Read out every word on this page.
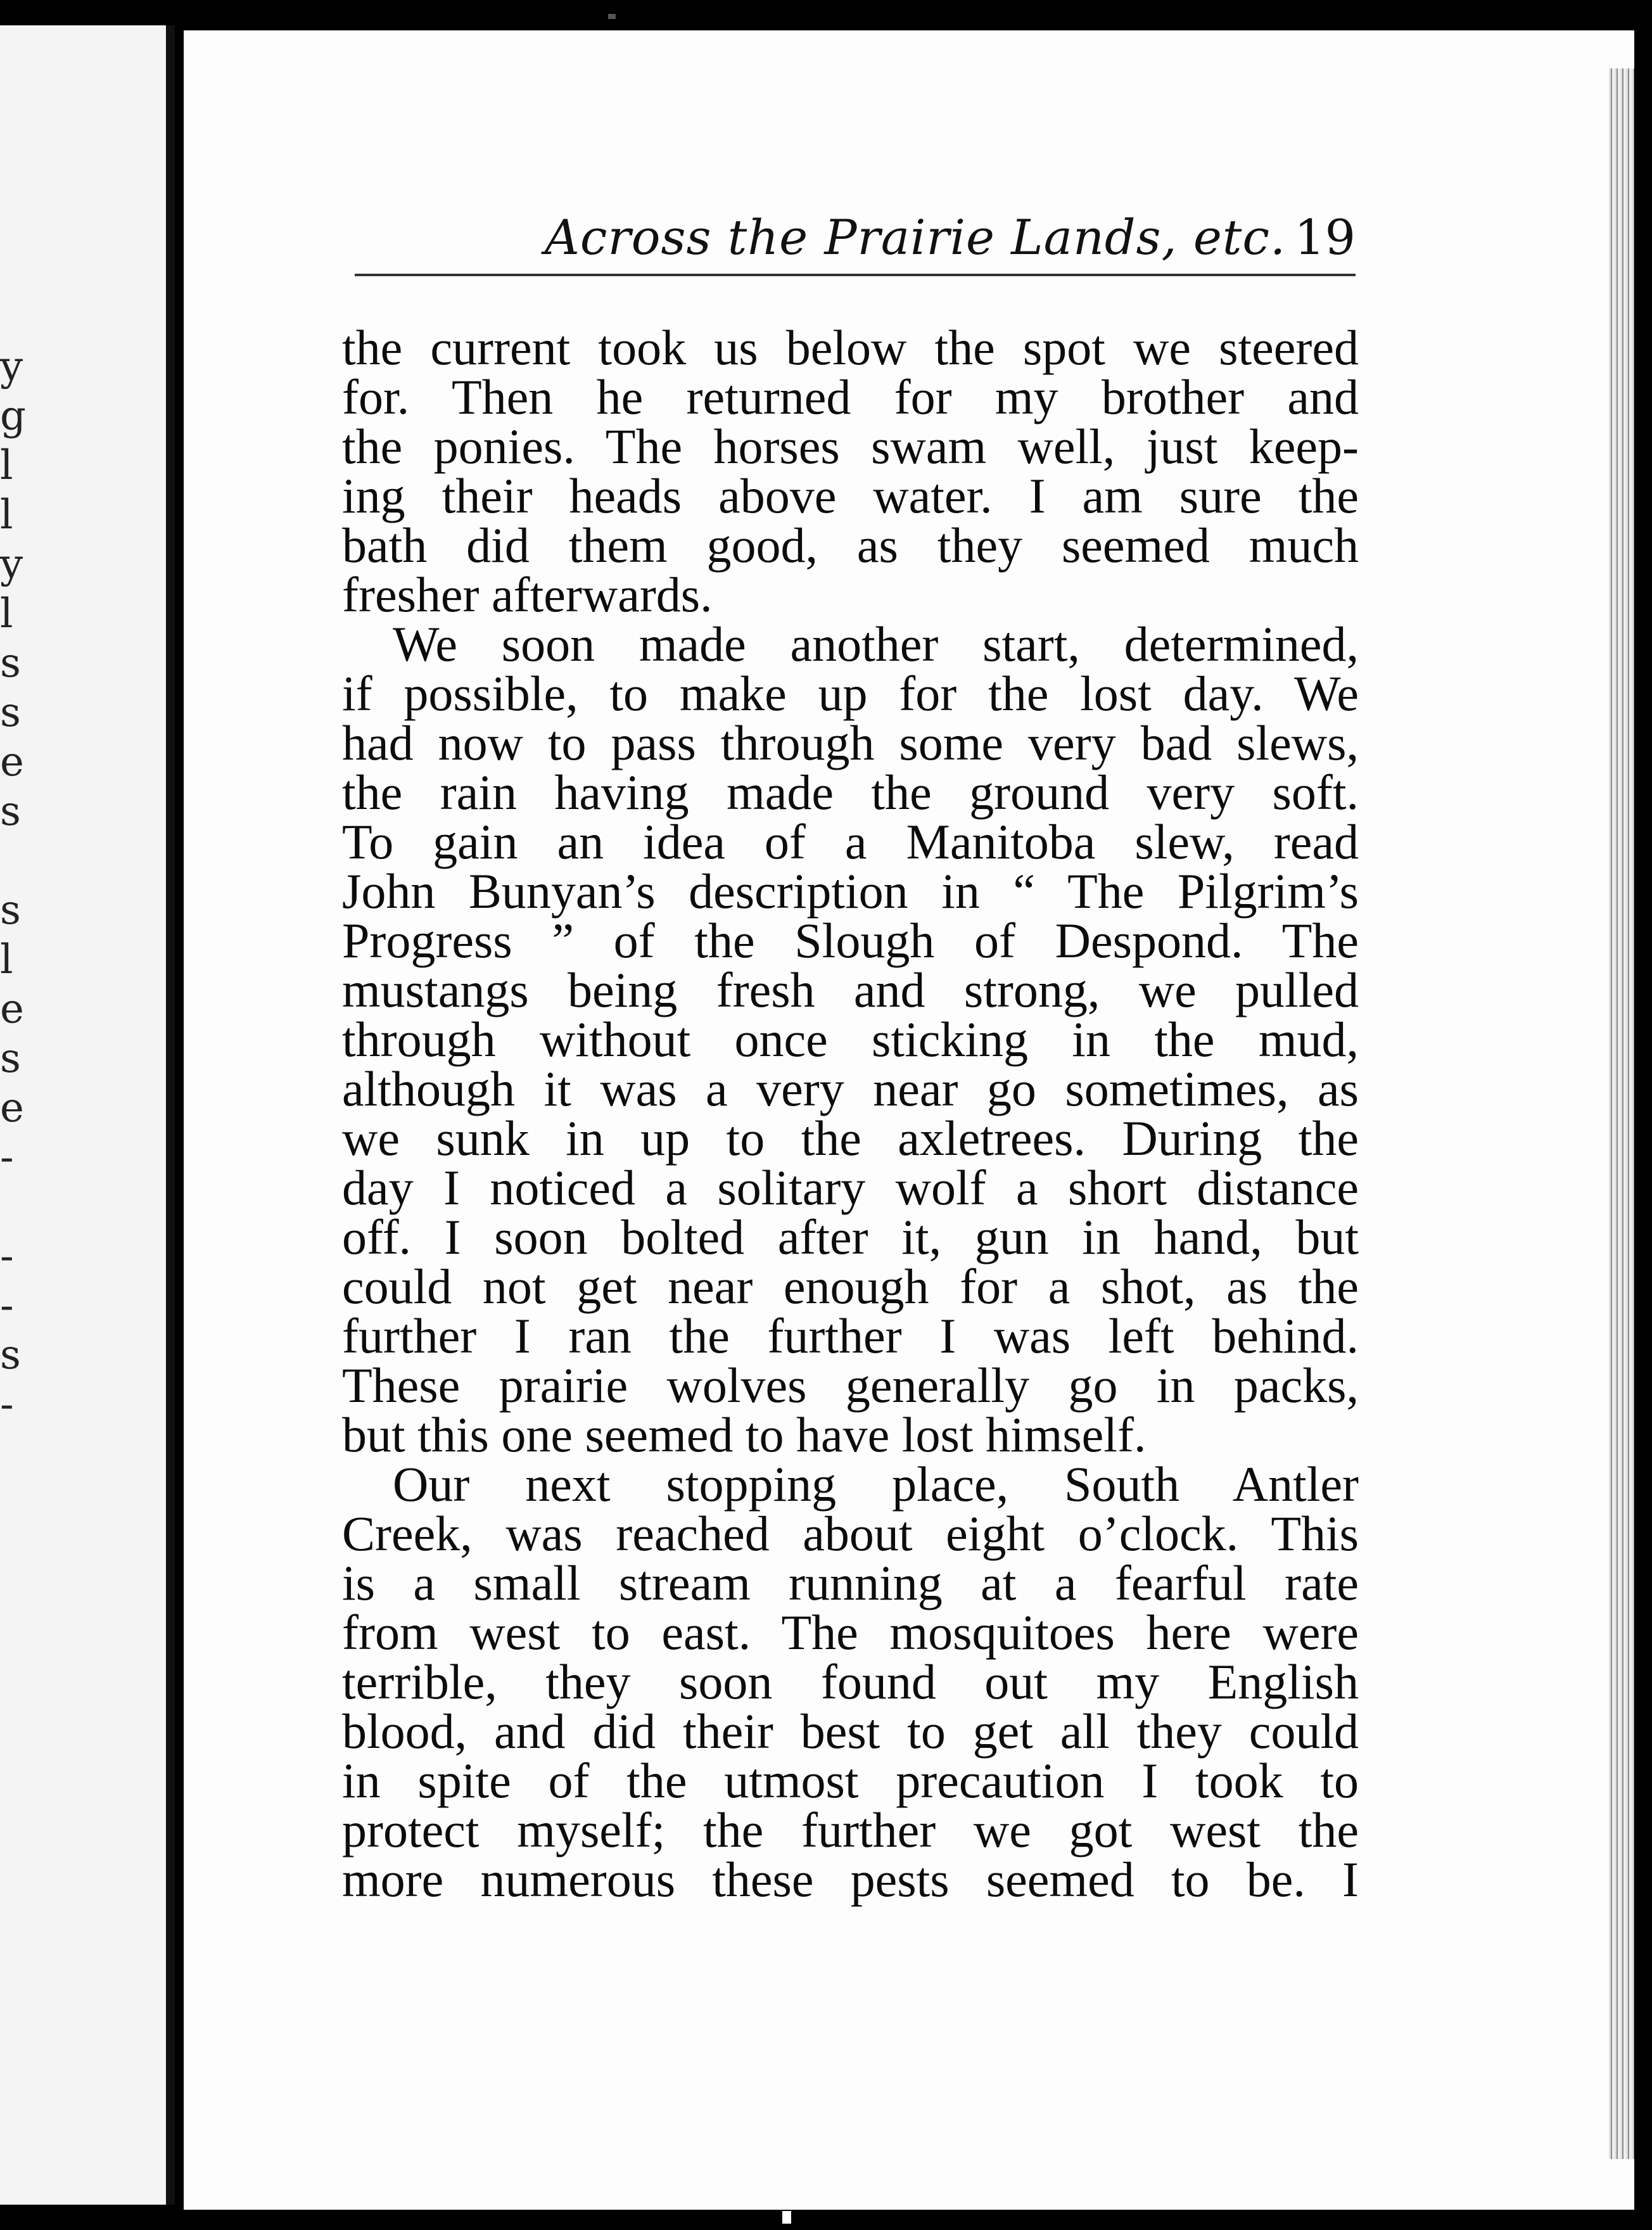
y
g
l
l
y
l
s
s
e
s

s
l
e
s
e
-

-
-
s
-
Across the Prairie Lands, etc. 19
the current took us below the spot we steered
for. Then he returned for my brother and
the ponies. The horses swam well, just keep-
ing their heads above water. I am sure the
bath did them good, as they seemed much
fresher afterwards.
We soon made another start, determined,
if possible, to make up for the lost day. We
had now to pass through some very bad slews,
the rain having made the ground very soft.
To gain an idea of a Manitoba slew, read
John Bunyan’s description in “ The Pilgrim’s
Progress ” of the Slough of Despond. The
mustangs being fresh and strong, we pulled
through without once sticking in the mud,
although it was a very near go sometimes, as
we sunk in up to the axletrees. During the
day I noticed a solitary wolf a short distance
off. I soon bolted after it, gun in hand, but
could not get near enough for a shot, as the
further I ran the further I was left behind.
These prairie wolves generally go in packs,
but this one seemed to have lost himself.
Our next stopping place, South Antler
Creek, was reached about eight o’clock. This
is a small stream running at a fearful rate
from west to east. The mosquitoes here were
terrible, they soon found out my English
blood, and did their best to get all they could
in spite of the utmost precaution I took to
protect myself; the further we got west the
more numerous these pests seemed to be. I
